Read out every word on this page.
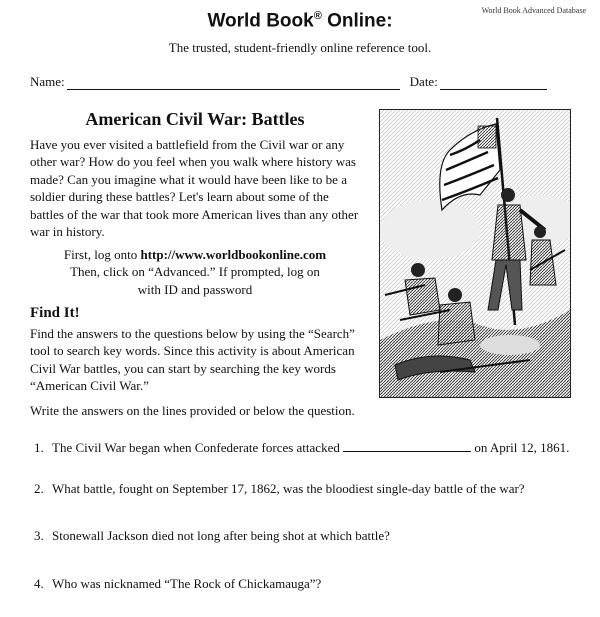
World Book Advanced Database
World Book® Online:
The trusted, student-friendly online reference tool.
Name:	Date:
American Civil War: Battles
Have you ever visited a battlefield from the Civil war or any other war? How do you feel when you walk where history was made? Can you imagine what it would have been like to be a soldier during these battles? Let's learn about some of the battles of the war that took more American lives than any other war in history.
First, log onto http://www.worldbookonline.com
Then, click on “Advanced.” If prompted, log on
with ID and password
Find It!
Find the answers to the questions below by using the “Search” tool to search key words. Since this activity is about American Civil War battles, you can start by searching the key words “American Civil War.”
Write the answers on the lines provided or below the question.
1. The Civil War began when Confederate forces attacked	on April 12, 1861.
2. What battle, fought on September 17, 1862, was the bloodiest single-day battle of the war?
3. Stonewall Jackson died not long after being shot at which battle?
4. Who was nicknamed “The Rock of Chickamauga”?
